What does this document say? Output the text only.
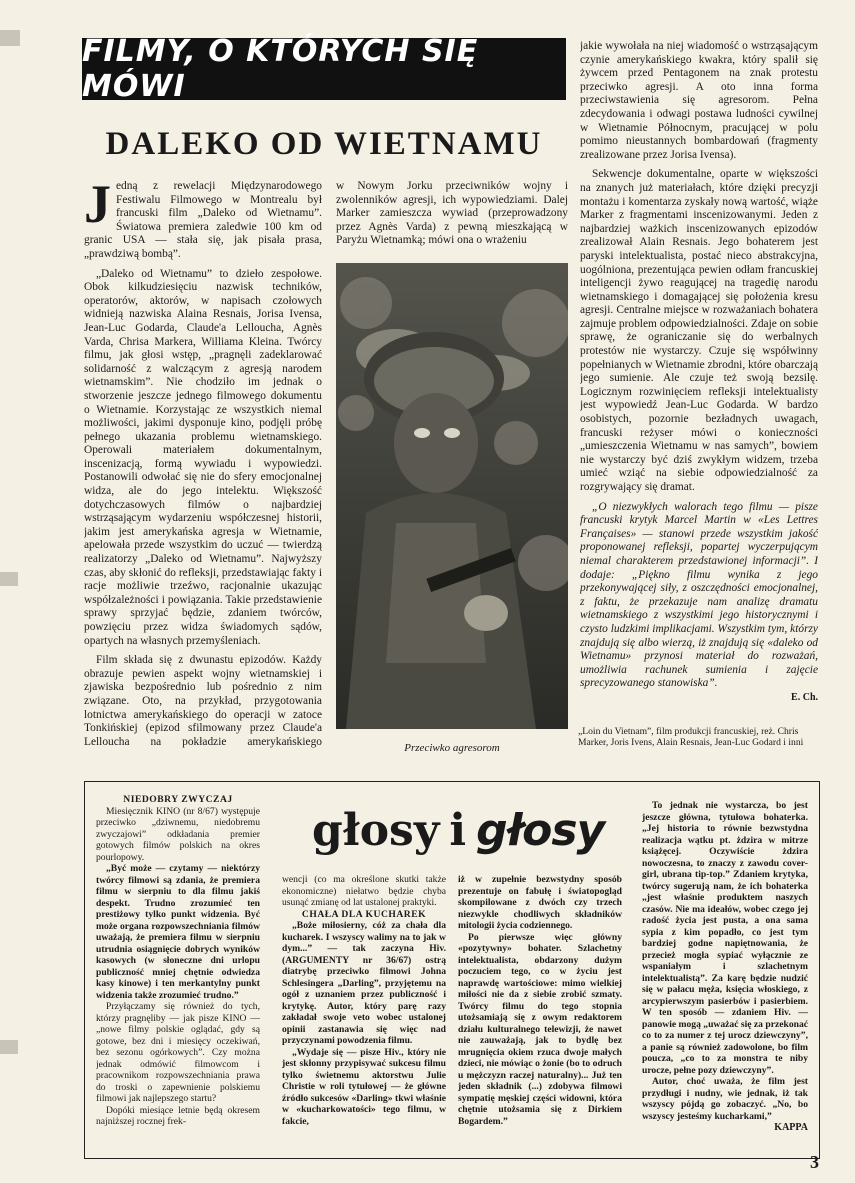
FILMY, O KTÓRYCH SIĘ MÓWI
DALEKO OD WIETNAMU

Jedną z rewelacji Międzynarodowego Festiwalu Filmowego w Montrealu był francuski film „Daleko od Wietnamu”. Światowa premiera zaledwie 100 km od granic USA — stała się, jak pisała prasa, „prawdziwą bombą”.

„Daleko od Wietnamu” to dzieło zespołowe. Obok kilkudziesięciu nazwisk techników, operatorów, aktorów, w napisach czołowych widnieją nazwiska Alaina Resnais, Jorisa Ivensa, Jean-Luc Godarda, Claude'a Lelloucha, Agnès Varda, Chrisa Markera, Williama Kleina. Twórcy filmu, jak głosi wstęp, „pragnęli zadeklarować solidarność z walczącym z agresją narodem wietnamskim”. Nie chodziło im jednak o stworzenie jeszcze jednego filmowego dokumentu o Wietnamie. Korzystając ze wszystkich niemal możliwości, jakimi dysponuje kino, podjęli próbę pełnego ukazania problemu wietnamskiego. Operowali materiałem dokumentalnym, inscenizacją, formą wywiadu i wypowiedzi. Postanowili odwołać się nie do sfery emocjonalnej widza, ale do jego intelektu. Większość dotychczasowych filmów o najbardziej wstrząsającym wydarzeniu współczesnej historii, jakim jest amerykańska agresja w Wietnamie, apelowała przede wszystkim do uczuć — twierdzą realizatorzy „Daleko od Wietnamu”. Najwyższy czas, aby skłonić do refleksji, przedstawiając fakty i racje możliwie trzeźwo, racjonalnie ukazując współzależności i powiązania. Takie przedstawienie sprawy sprzyjać będzie, zdaniem twórców, powzięciu przez widza świadomych sądów, opartych na własnych przemyśleniach.

Film składa się z dwunastu epizodów. Każdy obrazuje pewien aspekt wojny wietnamskiej i zjawiska bezpośrednio lub pośrednio z nim związane. Oto, na przykład, przygotowania lotnictwa amerykańskiego do operacji w zatoce Tonkińskiej (epizod sfilmowany przez Claude'a Lelloucha na pokładzie amerykańskiego

w Nowym Jorku przeciwników wojny i zwolenników agresji, ich wypowiedziami. Dalej Marker zamieszcza wywiad (przeprowadzony przez Agnès Varda) z pewną mieszkającą w Paryżu Wietnamką; mówi ona o wrażeniu

Przeciwko agresorom

jakie wywołała na niej wiadomość o wstrząsającym czynie amerykańskiego kwakra, który spalił się żywcem przed Pentagonem na znak protestu przeciwko agresji. A oto inna forma przeciwstawienia się agresorom. Pełna zdecydowania i odwagi postawa ludności cywilnej w Wietnamie Północnym, pracującej w polu pomimo nieustannych bombardowań (fragmenty zrealizowane przez Jorisa Ivensa).

Sekwencje dokumentalne, oparte w większości na znanych już materiałach, które dzięki precyzji montażu i komentarza zyskały nową wartość, wiąże Marker z fragmentami inscenizowanymi. Jeden z najbardziej ważkich inscenizowanych epizodów zrealizował Alain Resnais. Jego bohaterem jest paryski intelektualista, postać nieco abstrakcyjna, uogólniona, prezentująca pewien odłam francuskiej inteligencji żywo reagującej na tragedię narodu wietnamskiego i domagającej się położenia kresu agresji. Centralne miejsce w rozważaniach bohatera zajmuje problem odpowiedzialności. Zdaje on sobie sprawę, że ograniczanie się do werbalnych protestów nie wystarczy. Czuje się współwinny popełnianych w Wietnamie zbrodni, które obarczają jego sumienie. Ale czuje też swoją bezsilę. Logicznym rozwinięciem refleksji intelektualisty jest wypowiedź Jean-Luc Godarda. W bardzo osobistych, pozornie bezładnych uwagach, francuski reżyser mówi o konieczności „umieszczenia Wietnamu w nas samych”, bowiem nie wystarczy być dziś zwykłym widzem, trzeba umieć wziąć na siebie odpowiedzialność za rozgrywający się dramat.

„O niezwykłych walorach tego filmu — pisze francuski krytyk Marcel Martin w «Les Lettres Françaises» — stanowi przede wszystkim jakość proponowanej refleksji, popartej wyczerpującym niemal charakterem przedstawionej informacji”. I dodaje: „Piękno filmu wynika z jego przekonywającej siły, z oszczędności emocjonalnej, z faktu, że przekazuje nam analizę dramatu wietnamskiego z wszystkimi jego historycznymi i czysto ludzkimi implikacjami. Wszystkim tym, którzy znajdują się albo wierzą, iż znajdują się «daleko od Wietnamu» przynosi materiał do rozważań, umożliwia rachunek sumienia i zajęcie sprecyzowanego stanowiska”.

E. Ch.

„Loin du Vietnam”, film produkcji francuskiej, reż. Chris Marker, Joris Ivens, Alain Resnais, Jean-Luc Godard i inni
głosy i głosy

NIEDOBRY ZWYCZAJ

Miesięcznik KINO (nr 8/67) występuje przeciwko „dziwnemu, niedobremu zwyczajowi” odkładania premier gotowych filmów polskich na okres pourlopowy.

„Być może — czytamy — niektórzy twórcy filmowi są zdania, że premiera filmu w sierpniu to dla filmu jakiś despekt. Trudno zrozumieć ten prestiżowy tylko punkt widzenia. Być może organa rozpowszechniania filmów uważają, że premiera filmu w sierpniu utrudnia osiągnięcie dobrych wyników kasowych (w słoneczne dni urlopu publiczność mniej chętnie odwiedza kasy kinowe) i ten merkantylny punkt widzenia także zrozumieć trudno.”

Przyłączamy się również do tych, którzy pragnęliby — jak pisze KINO — „nowe filmy polskie oglądać, gdy są gotowe, bez dni i miesięcy oczekiwań, bez sezonu ogórkowych”. Czy można jednak odmówić filmowcom i pracownikom rozpowszechniania prawa do troski o zapewnienie polskiemu filmowi jak najlepszego startu?

Dopóki miesiące letnie będą okresem najniższej rocznej frek-

wencji (co ma określone skutki także ekonomiczne) niełatwo będzie chyba usunąć zmianę od lat ustalonej praktyki.

CHAŁA DLA KUCHAREK

„Boże miłosierny, cóż za chała dla kucharek. I wszyscy walimy na to jak w dym...” — tak zaczyna Hiv. (ARGUMENTY nr 36/67) ostrą diatrybę przeciwko filmowi Johna Schlesingera „Darling”, przyjętemu na ogół z uznaniem przez publiczność i krytykę. Autor, który parę razy zakładał swoje veto wobec ustalonej opinii zastanawia się więc nad przyczynami powodzenia filmu.

„Wydaje się — pisze Hiv., który nie jest skłonny przypisywać sukcesu filmu tylko świetnemu aktorstwu Julie Christie w roli tytułowej — że główne źródło sukcesów «Darling» tkwi właśnie w «kucharkowatości» tego filmu, w fakcie,

iż w zupełnie bezwstydny sposób prezentuje on fabułę i światopogląd skompilowane z dwóch czy trzech niezwykle chodliwych składników mitologii życia codziennego.

Po pierwsze więc główny «pozytywny» bohater. Szlachetny intelektualista, obdarzony dużym poczuciem tego, co w życiu jest naprawdę wartościowe: mimo wielkiej miłości nie da z siebie zrobić szmaty. Twórcy filmu do tego stopnia utożsamiają się z owym redaktorem działu kulturalnego telewizji, że nawet nie zauważają, jak to bydlę bez mrugnięcia okiem rzuca dwoje małych dzieci, nie mówiąc o żonie (bo to odruch u mężczyzn raczej naturalny)... Już ten jeden składnik (...) zdobywa filmowi sympatię męskiej części widowni, która chętnie utożsamia się z Dirkiem Bogardem.”

To jednak nie wystarcza, bo jest jeszcze główna, tytułowa bohaterka. „Jej historia to równie bezwstydna realizacja wątku pt. żdzira w mitrze książęcej. Oczywiście żdzira nowoczesna, to znaczy z zawodu cover-girl, ubrana tip-top.” Zdaniem krytyka, twórcy sugerują nam, że ich bohaterka „jest właśnie produktem naszych czasów. Nie ma ideałów, wobec czego jej radość życia jest pusta, a ona sama sypia z kim popadło, co jest tym bardziej godne napiętnowania, że przecież mogła sypiać wyłącznie ze wspaniałym i szlachetnym intelektualistą”. Za karę będzie nudzić się w pałacu męża, księcia włoskiego, z arcypierwszym pasierbów i pasierbiem. W ten sposób — zdaniem Hiv. — panowie mogą „uważać się za przekonać co to za numer z tej urocz dziewczyny”, a panie są również zadowolone, bo film poucza, „co to za monstra te niby urocze, pełne pozy dziewczyny”.

Autor, choć uważa, że film jest przydługi i nudny, wie jednak, iż tak wszyscy pójdą go zobaczyć. „No, bo wszyscy jesteśmy kucharkami,”

KAPPA

3
